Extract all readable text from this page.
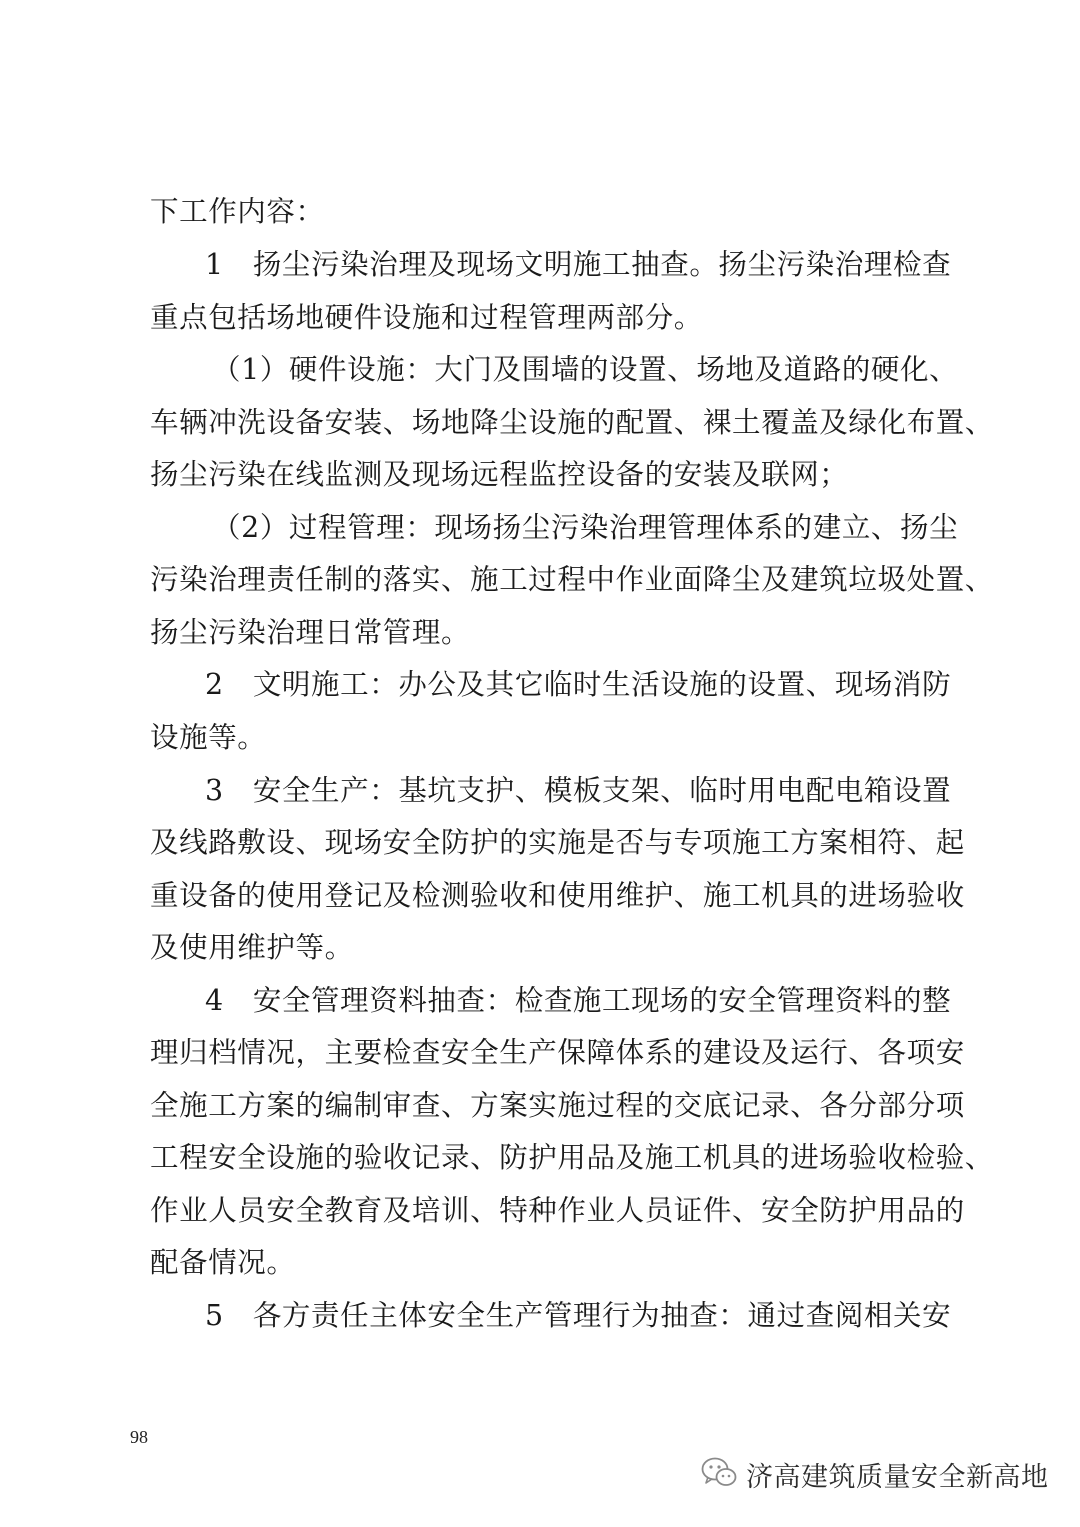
下工作内容：
1　扬尘污染治理及现场文明施工抽查。扬尘污染治理检查
重点包括场地硬件设施和过程管理两部分。
（1）硬件设施：大门及围墙的设置、场地及道路的硬化、
车辆冲洗设备安装、场地降尘设施的配置、裸土覆盖及绿化布置、
扬尘污染在线监测及现场远程监控设备的安装及联网；
（2）过程管理：现场扬尘污染治理管理体系的建立、扬尘
污染治理责任制的落实、施工过程中作业面降尘及建筑垃圾处置、
扬尘污染治理日常管理。
2　文明施工：办公及其它临时生活设施的设置、现场消防
设施等。
3　安全生产：基坑支护、模板支架、临时用电配电箱设置
及线路敷设、现场安全防护的实施是否与专项施工方案相符、起
重设备的使用登记及检测验收和使用维护、施工机具的进场验收
及使用维护等。
4　安全管理资料抽查：检查施工现场的安全管理资料的整
理归档情况，主要检查安全生产保障体系的建设及运行、各项安
全施工方案的编制审查、方案实施过程的交底记录、各分部分项
工程安全设施的验收记录、防护用品及施工机具的进场验收检验、
作业人员安全教育及培训、特种作业人员证件、安全防护用品的
配备情况。
5　各方责任主体安全生产管理行为抽查：通过查阅相关安
98
济高建筑质量安全新高地
